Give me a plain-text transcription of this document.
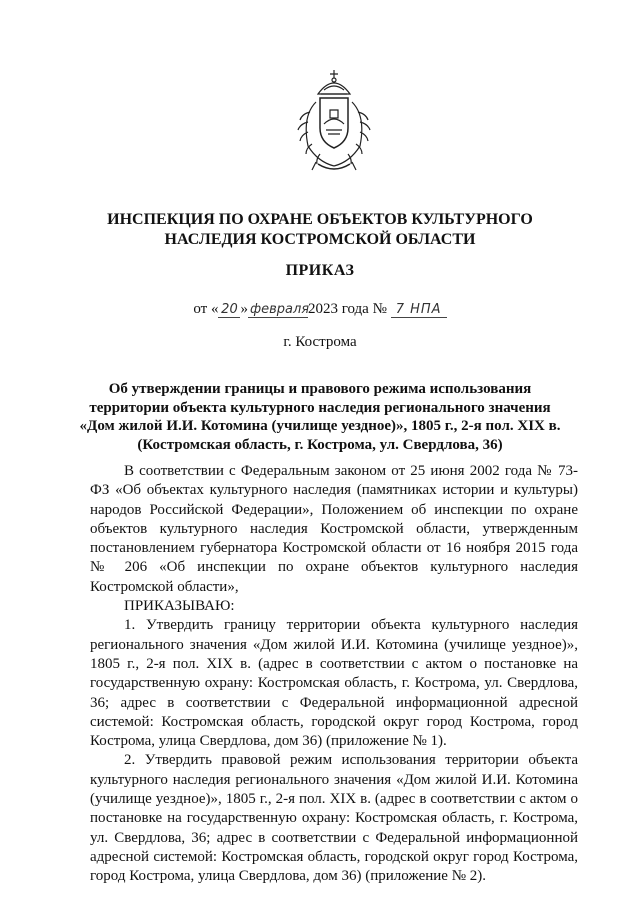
ИНСПЕКЦИЯ ПО ОХРАНЕ ОБЪЕКТОВ КУЛЬТУРНОГО
НАСЛЕДИЯ КОСТРОМСКОЙ ОБЛАСТИ
ПРИКАЗ
от « 20 » февраля2023 года № 7 НПА
г. Кострома
Об утверждении границы и правового режима использования
территории объекта культурного наследия регионального значения
«Дом жилой И.И. Котомина (училище уездное)», 1805 г., 2-я пол. XIX в.
(Костромская область, г. Кострома, ул. Свердлова, 36)

В соответствии с Федеральным законом от 25 июня 2002 года № 73-ФЗ «Об объектах культурного наследия (памятниках истории и культуры) народов Российской Федерации», Положением об инспекции по охране объектов культурного наследия Костромской области, утвержденным постановлением губернатора Костромской области от 16 ноября 2015 года № 206 «Об инспекции по охране объектов культурного наследия Костромской области»,

ПРИКАЗЫВАЮ:

1. Утвердить границу территории объекта культурного наследия регионального значения «Дом жилой И.И. Котомина (училище уездное)», 1805 г., 2-я пол. XIX в. (адрес в соответствии с актом о постановке на государственную охрану: Костромская область, г. Кострома, ул. Свердлова, 36; адрес в соответствии с Федеральной информационной адресной системой: Костромская область, городской округ город Кострома, город Кострома, улица Свердлова, дом 36) (приложение № 1).

2. Утвердить правовой режим использования территории объекта культурного наследия регионального значения «Дом жилой И.И. Котомина (училище уездное)», 1805 г., 2-я пол. XIX в. (адрес в соответствии с актом о постановке на государственную охрану: Костромская область, г. Кострома, ул. Свердлова, 36; адрес в соответствии с Федеральной информационной адресной системой: Костромская область, городской округ город Кострома, город Кострома, улица Свердлова, дом 36) (приложение № 2).
